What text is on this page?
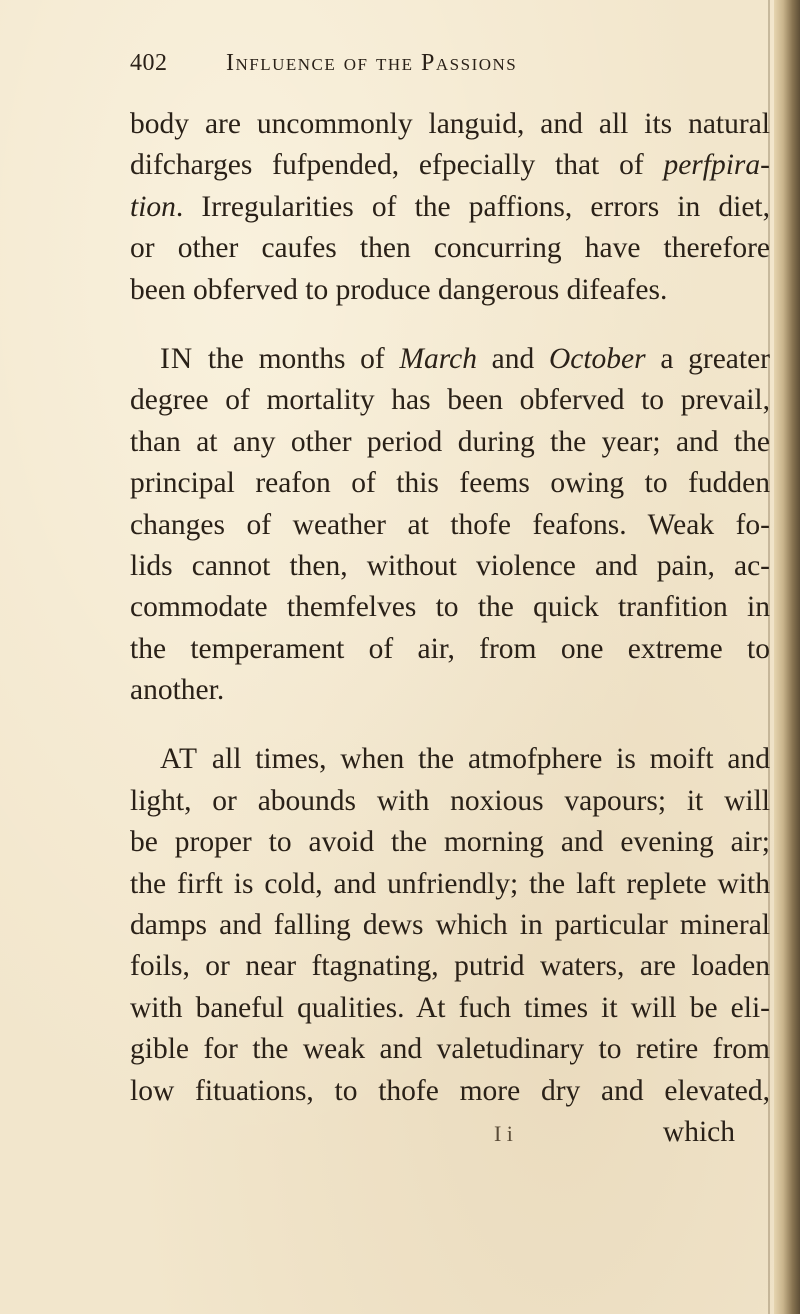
402	Influence of the Passions
body are uncommonly languid, and all its natural
difcharges fufpended, efpecially that of perfpira-
tion. Irregularities of the paffions, errors in diet,
or other caufes then concurring have therefore
been obferved to produce dangerous difeafes.
IN the months of March and October a greater
degree of mortality has been obferved to prevail,
than at any other period during the year; and the
principal reafon of this feems owing to fudden
changes of weather at thofe feafons. Weak fo-
lids cannot then, without violence and pain, ac-
commodate themfelves to the quick tranfition in
the temperament of air, from one extreme to
another.
AT all times, when the atmofphere is moift and
light, or abounds with noxious vapours; it will
be proper to avoid the morning and evening air;
the firft is cold, and unfriendly; the laft replete with
damps and falling dews which in particular mineral
foils, or near ftagnating, putrid waters, are loaden
with baneful qualities. At fuch times it will be eli-
gible for the weak and valetudinary to retire from
low fituations, to thofe more dry and elevated,
I i	which
